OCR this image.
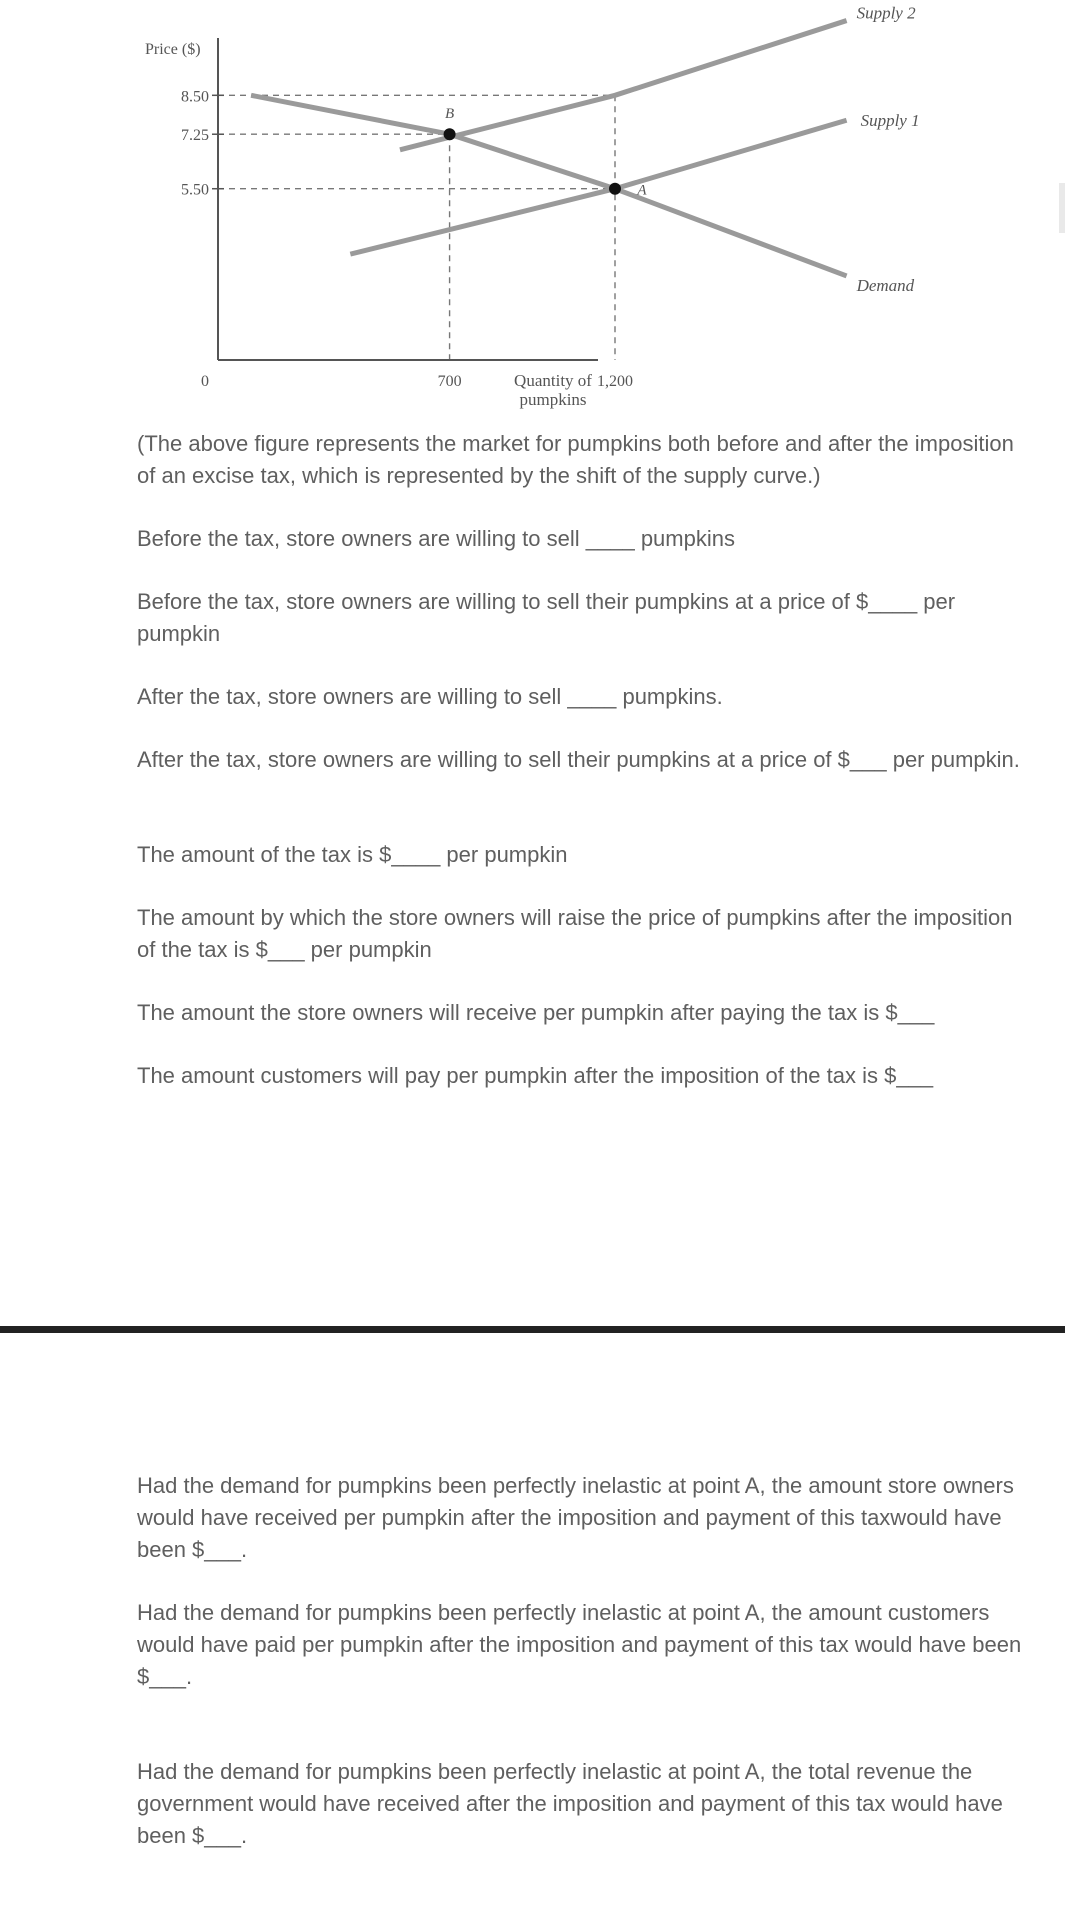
Supply 2
Supply 1
Demand
8.50
7.25
5.50
0	700	1,200
Price ($)
Quantity of pumpkins
B
A

(The above figure represents the market for pumpkins both before and after the imposition of an excise tax, which is represented by the shift of the supply curve.)

Before the tax, store owners are willing to sell ____ pumpkins

Before the tax, store owners are willing to sell their pumpkins at a price of $____ per pumpkin

After the tax, store owners are willing to sell ____ pumpkins.

After the tax, store owners are willing to sell their pumpkins at a price of $___ per pumpkin.

The amount of the tax is $____ per pumpkin

The amount by which the store owners will raise the price of pumpkins after the imposition of the tax is $___ per pumpkin

The amount the store owners will receive per pumpkin after paying the tax is $___

The amount customers will pay per pumpkin after the imposition of the tax is $___

Had the demand for pumpkins been perfectly inelastic at point A, the amount store owners would have received per pumpkin after the imposition and payment of this taxwould have been $___.

Had the demand for pumpkins been perfectly inelastic at point A, the amount customers would have paid per pumpkin after the imposition and payment of this tax would have been $___.

Had the demand for pumpkins been perfectly inelastic at point A, the total revenue the government would have received after the imposition and payment of this tax would have been $___.
